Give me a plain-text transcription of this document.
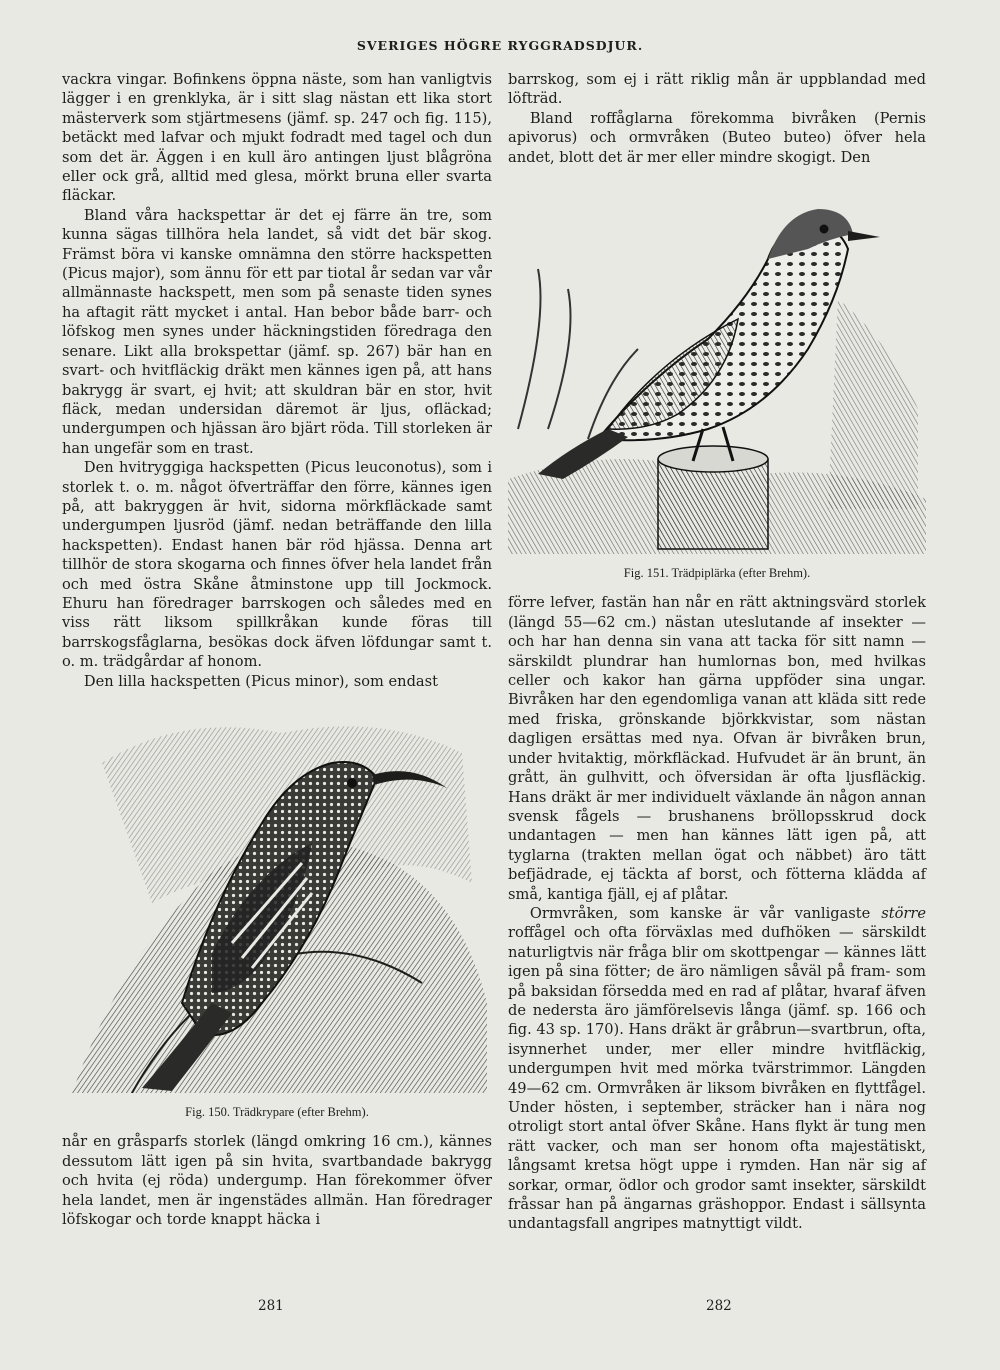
SVERIGES HÖGRE RYGGRADSDJUR.

vackra vingar. Bofinkens öppna näste, som han vanligtvis lägger i en grenklyka, är i sitt slag nästan ett lika stort mästerverk som stjärtmesens (jämf. sp. 247 och fig. 115), betäckt med lafvar och mjukt fodradt med tagel och dun som det är. Äggen i en kull äro antingen ljust blågröna eller ock grå, alltid med glesa, mörkt bruna eller svarta fläckar.

Bland våra hackspettar är det ej färre än tre, som kunna sägas tillhöra hela landet, så vidt det bär skog. Främst böra vi kanske omnämna den större hackspetten (Picus major), som ännu för ett par tiotal år sedan var vår allmännaste hackspett, men som på senaste tiden synes ha aftagit rätt mycket i antal. Han bebor både barr- och löfskog men synes under häckningstiden föredraga den senare. Likt alla brokspettar (jämf. sp. 267) bär han en svart- och hvitfläckig dräkt men kännes igen på, att hans bakrygg är svart, ej hvit; att skuldran bär en stor, hvit fläck, medan undersidan däremot är ljus, ofläckad; undergumpen och hjässan äro bjärt röda. Till storleken är han ungefär som en trast.

Den hvitryggiga hackspetten (Picus leuconotus), som i storlek t. o. m. något öfverträffar den förre, kännes igen på, att bakryggen är hvit, sidorna mörkfläckade samt undergumpen ljusröd (jämf. nedan beträffande den lilla hackspetten). Endast hanen bär röd hjässa. Denna art tillhör de stora skogarna och finnes öfver hela landet från och med östra Skåne åtminstone upp till Jockmock. Ehuru han föredrager barrskogen och således med en viss rätt liksom spillkråkan kunde föras till barrskogsfåglarna, besökas dock äfven löfdungar samt t. o. m. trädgårdar af honom.

Den lilla hackspetten (Picus minor), som endast

Fig. 150. Trädkrypare (efter Brehm).

når en gråsparfs storlek (längd omkring 16 cm.), kännes dessutom lätt igen på sin hvita, svartbandade bakrygg och hvita (ej röda) undergump. Han förekommer öfver hela landet, men är ingenstädes allmän. Han föredrager löfskogar och torde knappt häcka i

barrskog, som ej i rätt riklig mån är uppblandad med löfträd.

Bland roffåglarna förekomma bivråken (Pernis apivorus) och ormvråken (Buteo buteo) öfver hela andet, blott det är mer eller mindre skogigt. Den

Fig. 151. Trädpiplärka (efter Brehm).

förre lefver, fastän han når en rätt aktningsvärd storlek (längd 55—62 cm.) nästan uteslutande af insekter — och har han denna sin vana att tacka för sitt namn — särskildt plundrar han humlornas bon, med hvilkas celler och kakor han gärna uppföder sina ungar. Bivråken har den egendomliga vanan att kläda sitt rede med friska, grönskande björkkvistar, som nästan dagligen ersättas med nya. Ofvan är bivråken brun, under hvitaktig, mörkfläckad. Hufvudet är än brunt, än grått, än gulhvitt, och öfversidan är ofta ljusfläckig. Hans dräkt är mer individuelt växlande än någon annan svensk fågels — brushanens bröllopsskrud dock undantagen — men han kännes lätt igen på, att tyglarna (trakten mellan ögat och näbbet) äro tätt befjädrade, ej täckta af borst, och fötterna klädda af små, kantiga fjäll, ej af plåtar.

Ormvråken, som kanske är vår vanligaste större roffågel och ofta förväxlas med dufhöken — särskildt naturligtvis när fråga blir om skottpengar — kännes lätt igen på sina fötter; de äro nämligen såväl på fram- som på baksidan försedda med en rad af plåtar, hvaraf äfven de nedersta äro jämförelsevis långa (jämf. sp. 166 och fig. 43 sp. 170). Hans dräkt är gråbrun—svartbrun, ofta, isynnerhet under, mer eller mindre hvitfläckig, undergumpen hvit med mörka tvärstrimmor. Längden 49—62 cm. Ormvråken är liksom bivråken en flyttfågel. Under hösten, i september, sträcker han i nära nog otroligt stort antal öfver Skåne. Hans flykt är tung men rätt vacker, och man ser honom ofta majestätiskt, långsamt kretsa högt uppe i rymden. Han när sig af sorkar, ormar, ödlor och grodor samt insekter, särskildt fråssar han på ängarnas gräshoppor. Endast i sällsynta undantagsfall angripes matnyttigt vildt.

281	282
